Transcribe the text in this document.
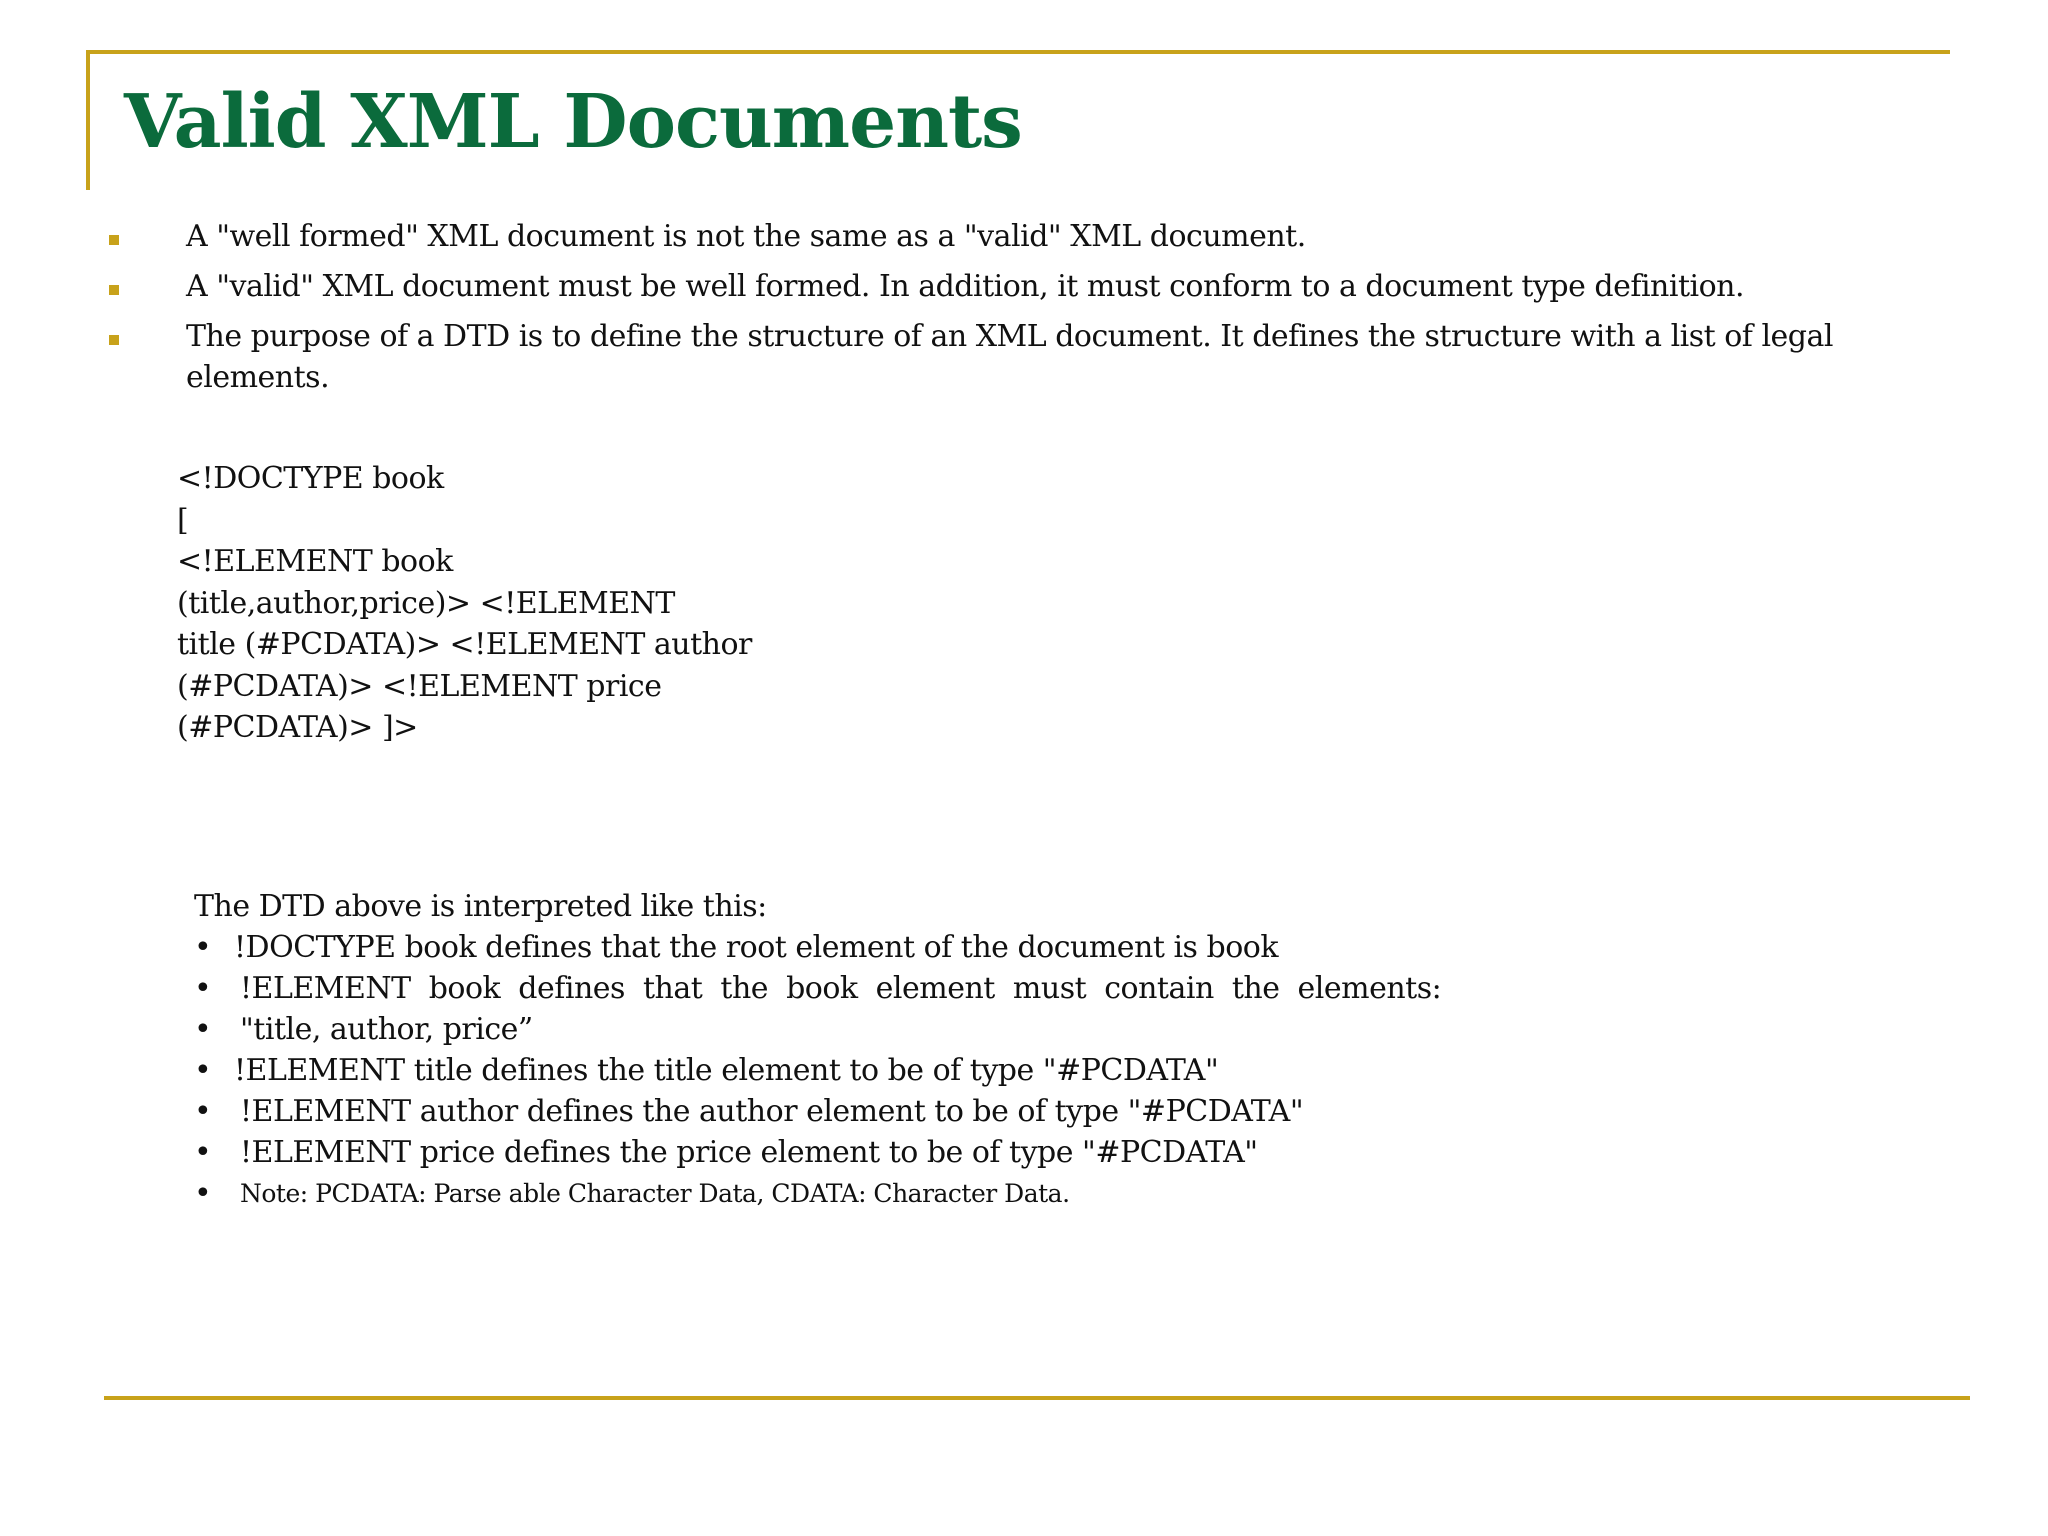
Valid XML Documents
A "well formed" XML document is not the same as a "valid" XML document.
A "valid" XML document must be well formed. In addition, it must conform to a document type definition.
The purpose of a DTD is to define the structure of an XML document. It defines the structure with a list of legal elements.
<!DOCTYPE book
[
<!ELEMENT book
(title,author,price)> <!ELEMENT
title (#PCDATA)> <!ELEMENT author
(#PCDATA)> <!ELEMENT price
(#PCDATA)> ]>
The DTD above is interpreted like this:
• !DOCTYPE book defines that the root element of the document is book
• !ELEMENT  book  defines  that  the  book  element  must  contain  the  elements:
• "title, author, price”
• !ELEMENT title defines the title element to be of type "#PCDATA"
• !ELEMENT author defines the author element to be of type "#PCDATA"
• !ELEMENT price defines the price element to be of type "#PCDATA"
• Note: PCDATA: Parse able Character Data, CDATA: Character Data.
